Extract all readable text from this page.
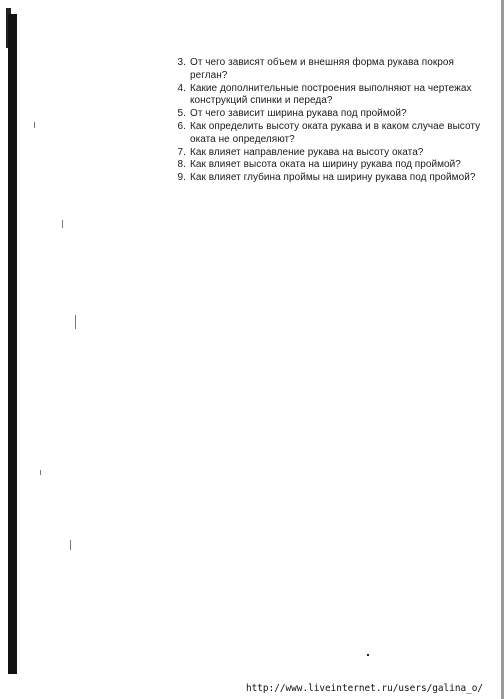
3. От чего зависят объем и внешняя форма рукава покроя
реглан?
4. Какие дополнительные построения выполняют на чертежах
конструкций спинки и переда?
5. От чего зависит ширина рукава под проймой?
6. Как определить высоту оката рукава и в каком случае высоту
оката не определяют?
7. Как влияет направление рукава на высоту оката?
8. Как влияет высота оката на ширину рукава под проймой?
9. Как влияет глубина проймы на ширину рукава под проймой?
http://www.liveinternet.ru/users/galina_o/
